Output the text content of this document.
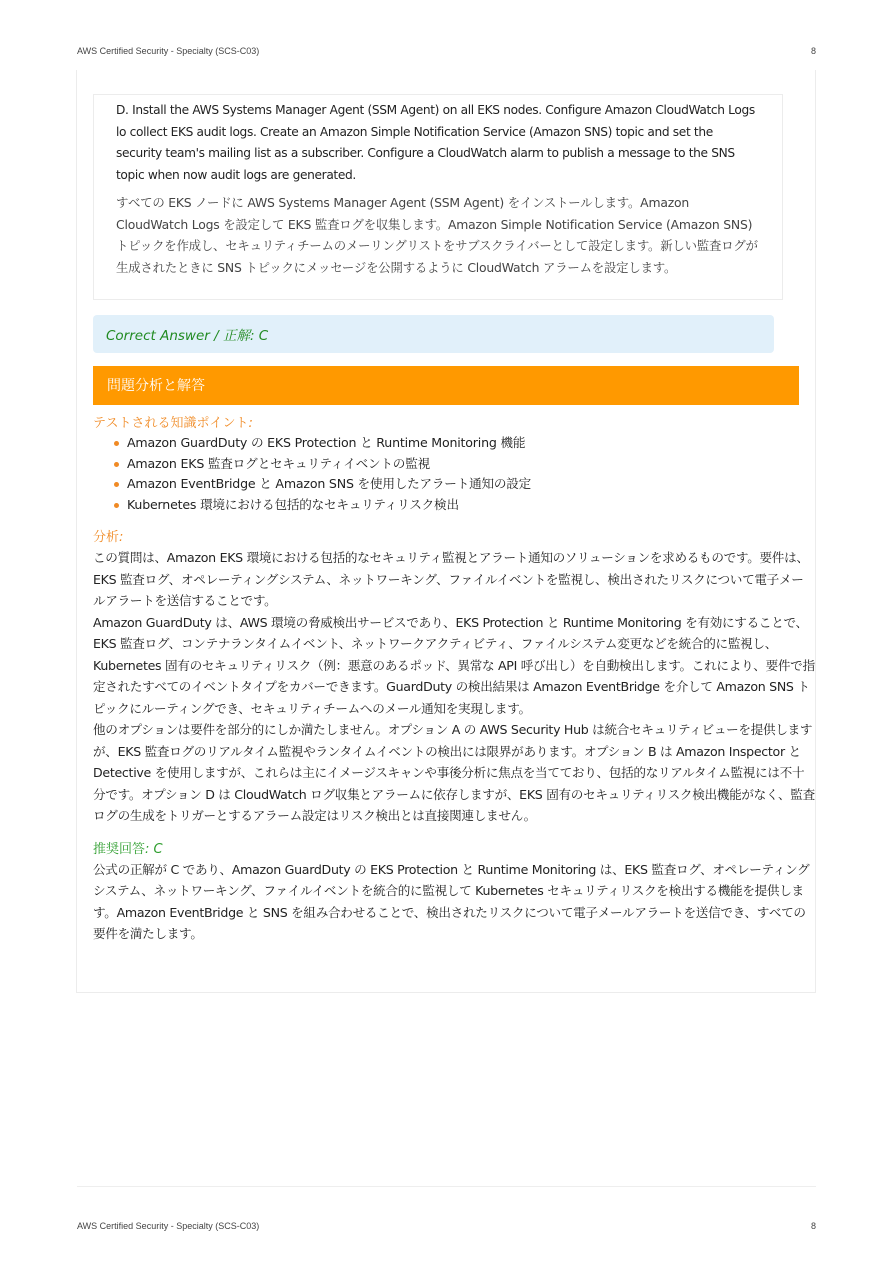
AWS Certified Security - Specialty (SCS-C03)	8

D. Install the AWS Systems Manager Agent (SSM Agent) on all EKS nodes. Configure Amazon CloudWatch Logs lo collect EKS audit logs. Create an Amazon Simple Notification Service (Amazon SNS) topic and set the security team's mailing list as a subscriber. Configure a CloudWatch alarm to publish a message to the SNS topic when now audit logs are generated.

すべての EKS ノードに AWS Systems Manager Agent (SSM Agent) をインストールします。Amazon CloudWatch Logs を設定して EKS 監査ログを収集します。Amazon Simple Notification Service (Amazon SNS) トピックを作成し、セキュリティチームのメーリングリストをサブスクライバーとして設定します。新しい監査ログが生成されたときに SNS トピックにメッセージを公開するように CloudWatch アラームを設定します。

Correct Answer / 正解: C
問題分析と解答
テストされる知識ポイント:
Amazon GuardDuty の EKS Protection と Runtime Monitoring 機能
Amazon EKS 監査ログとセキュリティイベントの監視
Amazon EventBridge と Amazon SNS を使用したアラート通知の設定
Kubernetes 環境における包括的なセキュリティリスク検出
分析:

この質問は、Amazon EKS 環境における包括的なセキュリティ監視とアラート通知のソリューションを求めるものです。要件は、EKS 監査ログ、オペレーティングシステム、ネットワーキング、ファイルイベントを監視し、検出されたリスクについて電子メールアラートを送信することです。

Amazon GuardDuty は、AWS 環境の脅威検出サービスであり、EKS Protection と Runtime Monitoring を有効にすることで、EKS 監査ログ、コンテナランタイムイベント、ネットワークアクティビティ、ファイルシステム変更などを統合的に監視し、Kubernetes 固有のセキュリティリスク（例：悪意のあるポッド、異常な API 呼び出し）を自動検出します。これにより、要件で指定されたすべてのイベントタイプをカバーできます。GuardDuty の検出結果は Amazon EventBridge を介して Amazon SNS トピックにルーティングでき、セキュリティチームへのメール通知を実現します。

他のオプションは要件を部分的にしか満たしません。オプション A の AWS Security Hub は統合セキュリティビューを提供しますが、EKS 監査ログのリアルタイム監視やランタイムイベントの検出には限界があります。オプション B は Amazon Inspector と Detective を使用しますが、これらは主にイメージスキャンや事後分析に焦点を当てており、包括的なリアルタイム監視には不十分です。オプション D は CloudWatch ログ収集とアラームに依存しますが、EKS 固有のセキュリティリスク検出機能がなく、監査ログの生成をトリガーとするアラーム設定はリスク検出とは直接関連しません。

推奨回答: C

公式の正解が C であり、Amazon GuardDuty の EKS Protection と Runtime Monitoring は、EKS 監査ログ、オペレーティングシステム、ネットワーキング、ファイルイベントを統合的に監視して Kubernetes セキュリティリスクを検出する機能を提供します。Amazon EventBridge と SNS を組み合わせることで、検出されたリスクについて電子メールアラートを送信でき、すべての要件を満たします。

AWS Certified Security - Specialty (SCS-C03)	8
